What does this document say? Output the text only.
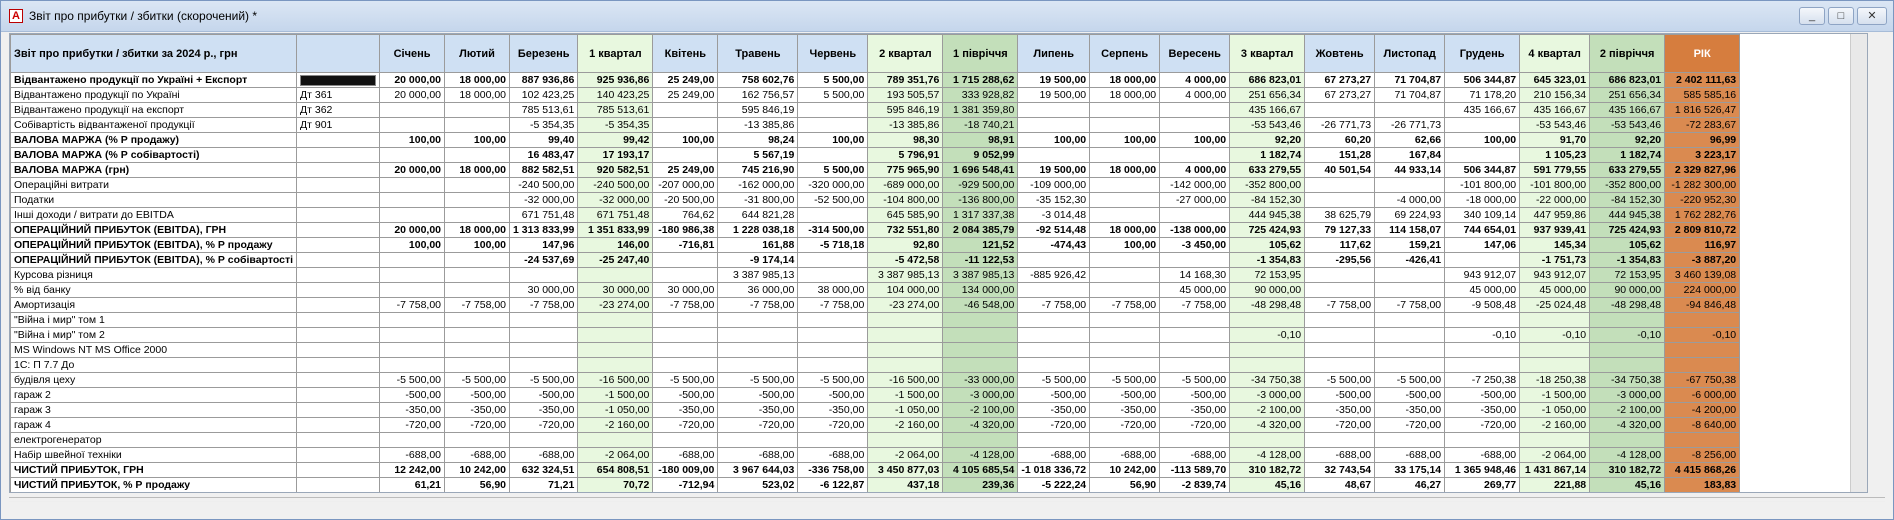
A Звіт про прибутки / збитки (скорочений) *	_	□	✕
Звіт про прибутки / збитки за 2024 р., грн		Січень	Лютий	Березень	1 квартал	Квітень	Травень	Червень	2 квартал	1 півріччя	Липень	Серпень	Вересень	3 квартал	Жовтень	Листопад	Грудень	4 квартал	2 півріччя	РІК
Відвантажено продукції по Україні + Експорт		20 000,00	18 000,00	887 936,86	925 936,86	25 249,00	758 602,76	5 500,00	789 351,76	1 715 288,62	19 500,00	18 000,00	4 000,00	686 823,01	67 273,27	71 704,87	506 344,87	645 323,01	686 823,01	2 402 111,63
Відвантажено продукції по Україні	Дт 361	20 000,00	18 000,00	102 423,25	140 423,25	25 249,00	162 756,57	5 500,00	193 505,57	333 928,82	19 500,00	18 000,00	4 000,00	251 656,34	67 273,27	71 704,87	71 178,20	210 156,34	251 656,34	585 585,16
Відвантажено продукції на експорт	Дт 362			785 513,61	785 513,61		595 846,19		595 846,19	1 381 359,80				435 166,67			435 166,67	435 166,67	435 166,67	1 816 526,47
Собівартість відвантаженої продукції	Дт 901			-5 354,35	-5 354,35		-13 385,86		-13 385,86	-18 740,21				-53 543,46	-26 771,73	-26 771,73		-53 543,46	-53 543,46	-72 283,67
ВАЛОВА МАРЖА (% Р продажу)		100,00	100,00	99,40	99,42	100,00	98,24	100,00	98,30	98,91	100,00	100,00	100,00	92,20	60,20	62,66	100,00	91,70	92,20	96,99
ВАЛОВА МАРЖА (% Р собівартості)				16 483,47	17 193,17		5 567,19		5 796,91	9 052,99				1 182,74	151,28	167,84		1 105,23	1 182,74	3 223,17
ВАЛОВА МАРЖА (грн)		20 000,00	18 000,00	882 582,51	920 582,51	25 249,00	745 216,90	5 500,00	775 965,90	1 696 548,41	19 500,00	18 000,00	4 000,00	633 279,55	40 501,54	44 933,14	506 344,87	591 779,55	633 279,55	2 329 827,96
Операційні витрати				-240 500,00	-240 500,00	-207 000,00	-162 000,00	-320 000,00	-689 000,00	-929 500,00	-109 000,00		-142 000,00	-352 800,00			-101 800,00	-101 800,00	-352 800,00	-1 282 300,00
Податки				-32 000,00	-32 000,00	-20 500,00	-31 800,00	-52 500,00	-104 800,00	-136 800,00	-35 152,30		-27 000,00	-84 152,30		-4 000,00	-18 000,00	-22 000,00	-84 152,30	-220 952,30
Інші доходи / витрати до EBITDA				671 751,48	671 751,48	764,62	644 821,28		645 585,90	1 317 337,38	-3 014,48			444 945,38	38 625,79	69 224,93	340 109,14	447 959,86	444 945,38	1 762 282,76
ОПЕРАЦІЙНИЙ ПРИБУТОК (EBITDA), ГРН		20 000,00	18 000,00	1 313 833,99	1 351 833,99	-180 986,38	1 228 038,18	-314 500,00	732 551,80	2 084 385,79	-92 514,48	18 000,00	-138 000,00	725 424,93	79 127,33	114 158,07	744 654,01	937 939,41	725 424,93	2 809 810,72
ОПЕРАЦІЙНИЙ ПРИБУТОК (EBITDA), % Р продажу		100,00	100,00	147,96	146,00	-716,81	161,88	-5 718,18	92,80	121,52	-474,43	100,00	-3 450,00	105,62	117,62	159,21	147,06	145,34	105,62	116,97
ОПЕРАЦІЙНИЙ ПРИБУТОК (EBITDA), % Р собівартості				-24 537,69	-25 247,40		-9 174,14		-5 472,58	-11 122,53				-1 354,83	-295,56	-426,41		-1 751,73	-1 354,83	-3 887,20
Курсова різниця							3 387 985,13		3 387 985,13	3 387 985,13	-885 926,42		14 168,30	72 153,95			943 912,07	943 912,07	72 153,95	3 460 139,08
% від банку				30 000,00	30 000,00	30 000,00	36 000,00	38 000,00	104 000,00	134 000,00			45 000,00	90 000,00			45 000,00	45 000,00	90 000,00	224 000,00
Амортизація		-7 758,00	-7 758,00	-7 758,00	-23 274,00	-7 758,00	-7 758,00	-7 758,00	-23 274,00	-46 548,00	-7 758,00	-7 758,00	-7 758,00	-48 298,48	-7 758,00	-7 758,00	-9 508,48	-25 024,48	-48 298,48	-94 846,48
"Війна і мир" том 1																				
"Війна і мир" том 2														-0,10			-0,10	-0,10	-0,10	-0,10
MS Windows NT MS Office 2000																				
1С: П 7.7 До																				
будівля цеху		-5 500,00	-5 500,00	-5 500,00	-16 500,00	-5 500,00	-5 500,00	-5 500,00	-16 500,00	-33 000,00	-5 500,00	-5 500,00	-5 500,00	-34 750,38	-5 500,00	-5 500,00	-7 250,38	-18 250,38	-34 750,38	-67 750,38
гараж 2		-500,00	-500,00	-500,00	-1 500,00	-500,00	-500,00	-500,00	-1 500,00	-3 000,00	-500,00	-500,00	-500,00	-3 000,00	-500,00	-500,00	-500,00	-1 500,00	-3 000,00	-6 000,00
гараж 3		-350,00	-350,00	-350,00	-1 050,00	-350,00	-350,00	-350,00	-1 050,00	-2 100,00	-350,00	-350,00	-350,00	-2 100,00	-350,00	-350,00	-350,00	-1 050,00	-2 100,00	-4 200,00
гараж 4		-720,00	-720,00	-720,00	-2 160,00	-720,00	-720,00	-720,00	-2 160,00	-4 320,00	-720,00	-720,00	-720,00	-4 320,00	-720,00	-720,00	-720,00	-2 160,00	-4 320,00	-8 640,00
електрогенератор																				
Набір швейної техніки		-688,00	-688,00	-688,00	-2 064,00	-688,00	-688,00	-688,00	-2 064,00	-4 128,00	-688,00	-688,00	-688,00	-4 128,00	-688,00	-688,00	-688,00	-2 064,00	-4 128,00	-8 256,00
ЧИСТИЙ ПРИБУТОК, ГРН		12 242,00	10 242,00	632 324,51	654 808,51	-180 009,00	3 967 644,03	-336 758,00	3 450 877,03	4 105 685,54	-1 018 336,72	10 242,00	-113 589,70	310 182,72	32 743,54	33 175,14	1 365 948,46	1 431 867,14	310 182,72	4 415 868,26
ЧИСТИЙ ПРИБУТОК, % Р продажу		61,21	56,90	71,21	70,72	-712,94	523,02	-6 122,87	437,18	239,36	-5 222,24	56,90	-2 839,74	45,16	48,67	46,27	269,77	221,88	45,16	183,83
